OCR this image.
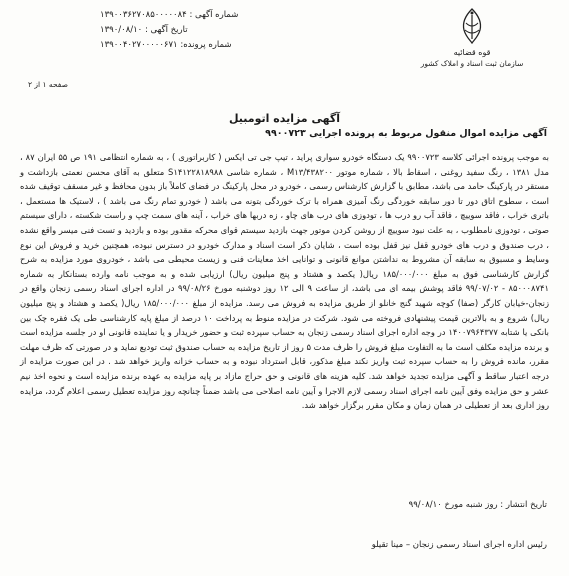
شماره آگهی : ۱۳۹۰۰۳۶۲۷۰۸۵۰۰۰۰۰۸۴
تاریخ آگهی : ۱۳۹۰/۰۸/۱۰
شماره پرونده: ۱۳۹۰۰۴۰۲۷۰۰۰۰۰۶۷۱
قوه قضائیه
سازمان ثبت اسناد و املاک کشور
صفحه ۱ از ۲
آگهی مزایده اتومبیل
آگهی مزایده اموال منقول مربوط به پرونده اجرایی ۹۹۰۰۷۲۳
به موجب پرونده اجرائی کلاسه ۹۹۰۰۷۲۳ یک دستگاه خودرو سواری پراید ، تیپ جی تی ایکس ( کاربراتوری ) ، به شماره انتظامی ۱۹۱ ص ۵۵ ایران ۸۷ ، مدل ۱۳۸۱ ، رنگ سفید روغنی ، اسقاط بالا ، شماره موتور M۱۳/۴۳۸۲۰۰ ، شماره شاسی S۱۴۱۲۲۸۱۸۹۸۸ متعلق به آقای محسن نعمتی بازداشت و مستقر در پارکینگ حامد می باشد، مطابق با گزارش کارشناس رسمی ، خودرو در محل پارکینگ در فضای کاملاً باز بدون محافظ و غیر مسقف توقیف شده است ، سطوح اتاق دور تا دور سابقه خوردگی رنگ آمیزی همراه با ترک خوردگی بتونه می باشد ( خودرو تمام رنگ می باشد ) ، لاستیک ها مستعمل ، باتری خراب ، فاقد سوییچ ، فاقد آب رو درب ها ، تودوزی های درب های چاو ، زه دربها های خراب ، آینه های سمت چپ و راست شکسته ، دارای سیستم صوتی ، تودوزی نامطلوب ، به علت نبود سوییچ از روشن کردن موتور جهت بازدید سیستم قوای محرکه مقدور بوده و بازدید و تست فنی میسر واقع نشده ، درب صندوق و درب های خودرو قفل نیز قفل بوده است ، شایان ذکر است اسناد و مدارک خودرو در دسترس نبوده، همچنین خرید و فروش این نوع وسایط و مسبوق به سابقه آن مشروط به نداشتن موانع قانونی و توانایی اخذ معاینات فنی و زیست محیطی می باشد ، خودروی مورد مزایده به شرح گزارش کارشناسی فوق به مبلغ ۱۸۵/۰۰۰/۰۰۰ ریال( یکصد و هشتاد و پنج میلیون ریال) ارزیابی شده و به موجب نامه وارده بستانکار به شماره ۸۵۰۰۰۸۷۴۱ - ۹۹/۰۷/۰۲ فاقد پوشش بیمه ای می باشد، از ساعت ۹ الی ۱۲ روز دوشنبه مورخ ۹۹/۰۸/۲۶ در اداره اجرای اسناد رسمی زنجان واقع در زنجان-خیابان کارگر (صفا) کوچه شهید گنج خانلو از طریق مزایده به فروش می رسد. مزایده از مبلغ ۱۸۵/۰۰۰/۰۰۰ ریال( یکصد و هشتاد و پنج میلیون ریال) شروع و به بالاترین قیمت پیشنهادی فروخته می شود. شرکت در مزایده منوط به پرداخت ۱۰ درصد از مبلغ پایه کارشناسی طی یک فقره چک بین بانکی یا شتابه ۱۴۰۰۷۹۶۴۳۷۷ در وجه اداره اجرای اسناد رسمی زنجان به حساب سپرده ثبت و حضور خریدار و یا نماینده قانونی او در جلسه مزایده است و برنده مزایده مکلف است ما به التفاوت مبلغ فروش را ظرف مدت ۵ روز از تاریخ مزایده به حساب صندوق ثبت توديع نماید و در صورتی که ظرف مهلت مقرر، مانده فروش را به حساب سپرده ثبت واریز نکند مبلغ مذکور، قابل استرداد نبوده و به حساب خزانه واریز خواهد شد . در این صورت مزایده از درجه اعتبار ساقط و آگهی مزایده تجدید خواهد شد. کلیه هزینه های قانونی و حق حراج مازاد بر پایه مزایده به عهده برنده مزایده است و نحوه اخذ نیم عشر و حق مزایده وفق آیین نامه اجرای اسناد رسمی لازم الاجرا و آیین نامه اصلاحی می باشد ضمناً چنانچه روز مزایده تعطیل رسمی اعلام گردد، مزایده روز اداری بعد از تعطیلی در همان زمان و مکان مقرر برگزار خواهد شد.
تاریخ انتشار : روز شنبه مورخ ۹۹/۰۸/۱۰
رئیس اداره اجرای اسناد رسمی زنجان – مینا تقیلو
